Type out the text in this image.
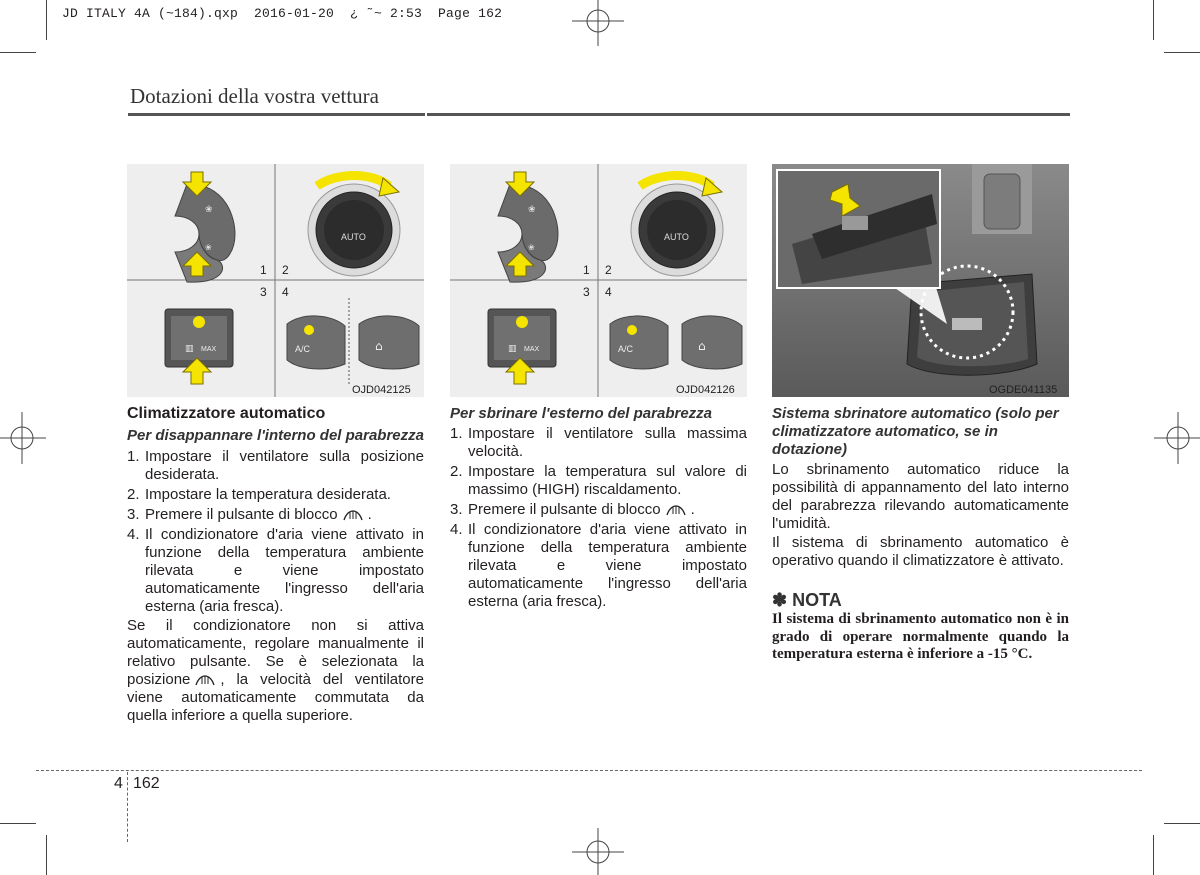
JD ITALY 4A (~184).qxp  2016-01-20  ¿ ˜~ 2:53  Page 162
Dotazioni della vostra vettura
❀
❀
1 2
AUTO
3 4
▥ MAX	A/C	⌂
OJD042125
❀
❀
1 2
AUTO
3 4
▥ MAX	A/C	⌂
OJD042126	OGDE041135

Climatizzatore automatico

Per disappannare l'interno del parabrezza

1. Impostare il ventilatore sulla posizione desiderata.
2. Impostare la temperatura desiderata.
3. Premere il pulsante di blocco .
4. Il condizionatore d'aria viene attivato in funzione della temperatura ambiente rilevata e viene impostato automaticamente l'ingresso dell'aria esterna (aria fresca).

Se il condizionatore non si attiva automaticamente, regolare manualmente il relativo pulsante. Se è selezionata la posizione , la velocità del ventilatore viene automaticamente commutata da quella inferiore a quella superiore.

Per sbrinare l'esterno del parabrezza

1. Impostare il ventilatore sulla massima velocità.
2. Impostare la temperatura sul valore di massimo (HIGH) riscaldamento.
3. Premere il pulsante di blocco .
4. Il condizionatore d'aria viene attivato in funzione della temperatura ambiente rilevata e viene impostato automaticamente l'ingresso dell'aria esterna (aria fresca).

Sistema sbrinatore automatico (solo per climatizzatore automatico, se in dotazione)

Lo sbrinamento automatico riduce la possibilità di appannamento del lato interno del parabrezza rilevando automaticamente l'umidità.

Il sistema di sbrinamento automatico è operativo quando il climatizzatore è attivato.

✽ NOTA

Il sistema di sbrinamento automatico non è in grado di operare normalmente quando la temperatura esterna è inferiore a -15 °C.

4 162
